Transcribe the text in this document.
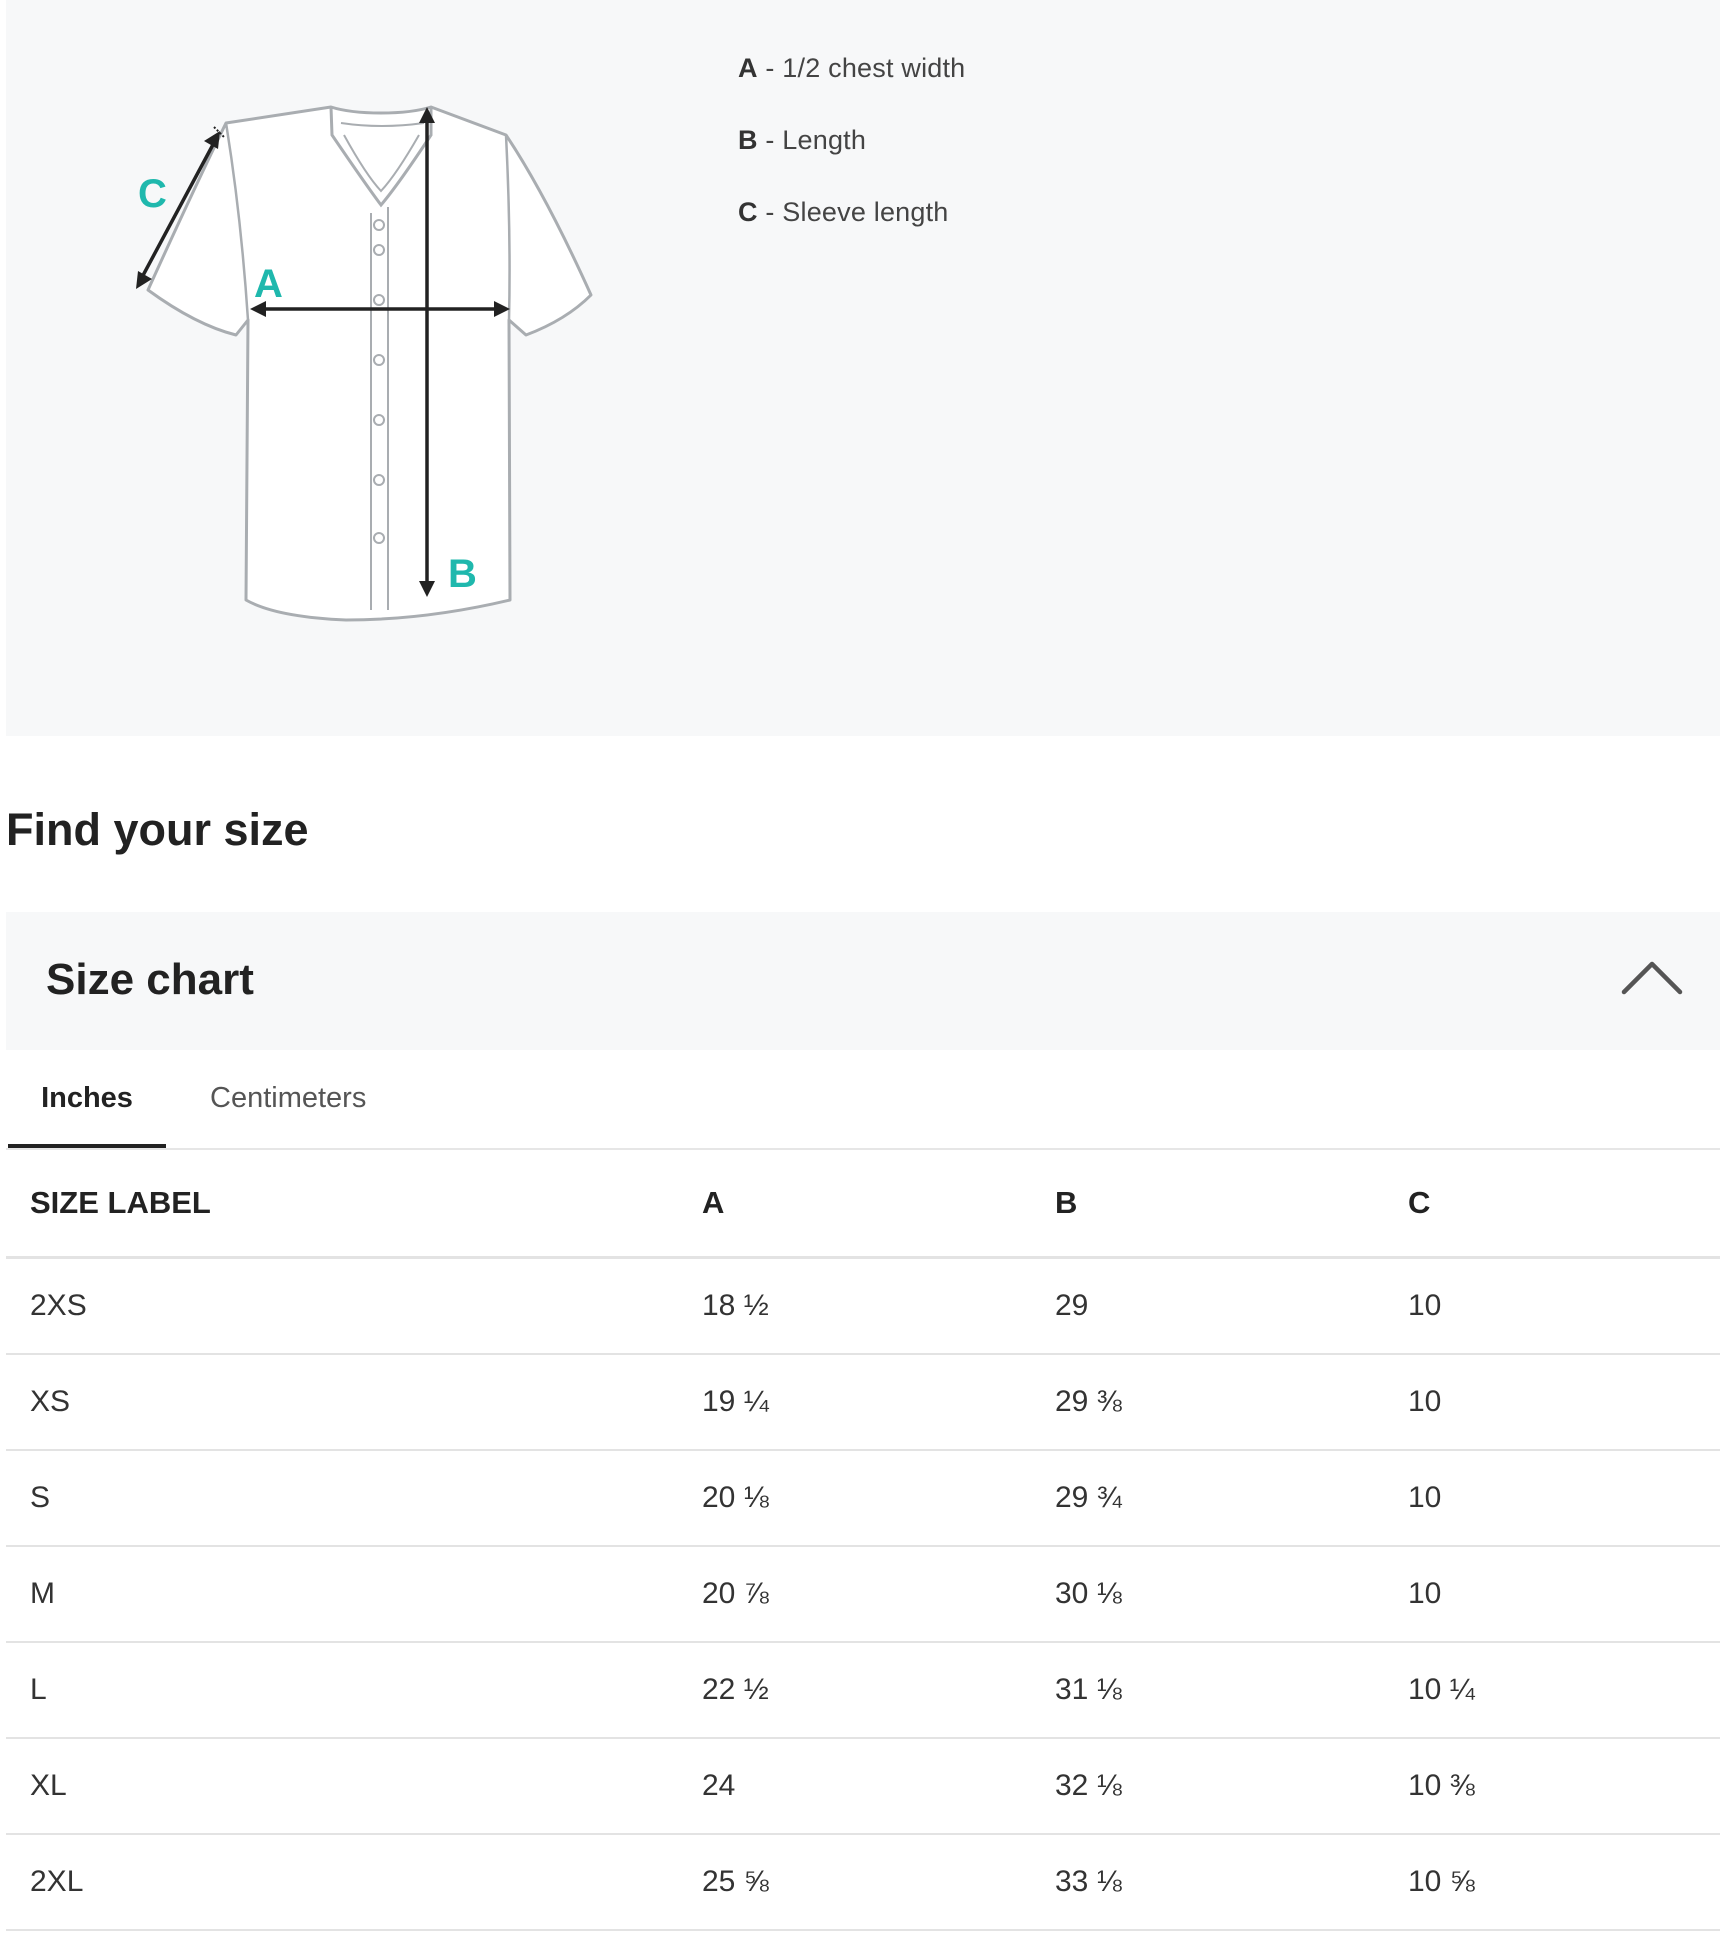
C
A
B
A - 1/2 chest width
B - Length
C - Sleeve length
Find your size
Size chart
Inches	Centimeters
SIZE LABEL	A	B	C
2XS	18 ½	29	10
XS	19 ¼	29 ⅜	10
S	20 ⅛	29 ¾	10
M	20 ⅞	30 ⅛	10
L	22 ½	31 ⅛	10 ¼
XL	24	32 ⅛	10 ⅜
2XL	25 ⅝	33 ⅛	10 ⅝
